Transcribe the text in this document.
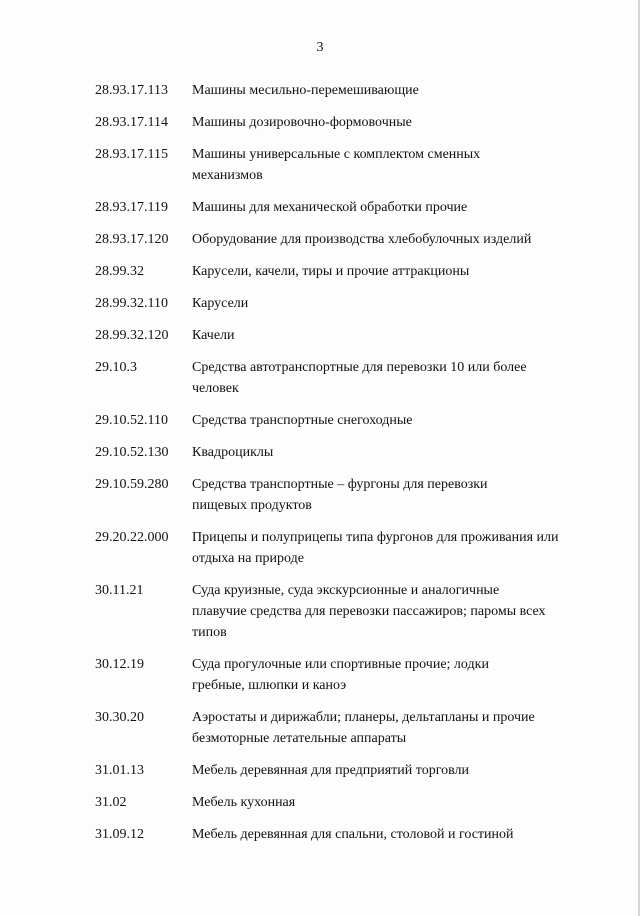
3
28.93.17.113 Машины месильно-перемешивающие
28.93.17.114 Машины дозировочно-формовочные
28.93.17.115 Машины универсальные с комплектом сменных механизмов
28.93.17.119 Машины для механической обработки прочие
28.93.17.120 Оборудование для производства хлебобулочных изделий
28.99.32	Карусели, качели, тиры и прочие аттракционы
28.99.32.110 Карусели
28.99.32.120 Качели
29.10.3	Средства автотранспортные для перевозки 10 или более человек
29.10.52.110 Средства транспортные снегоходные
29.10.52.130 Квадроциклы
29.10.59.280 Средства транспортные – фургоны для перевозки пищевых продуктов
29.20.22.000 Прицепы и полуприцепы типа фургонов для проживания или отдыха на природе
30.11.21	Суда круизные, суда экскурсионные и аналогичные плавучие средства для перевозки пассажиров; паромы всех типов
30.12.19	Суда прогулочные или спортивные прочие; лодки гребные, шлюпки и каноэ
30.30.20	Аэростаты и дирижабли; планеры, дельтапланы и прочие безмоторные летательные аппараты
31.01.13	Мебель деревянная для предприятий торговли
31.02	Мебель кухонная
31.09.12	Мебель деревянная для спальни, столовой и гостиной
